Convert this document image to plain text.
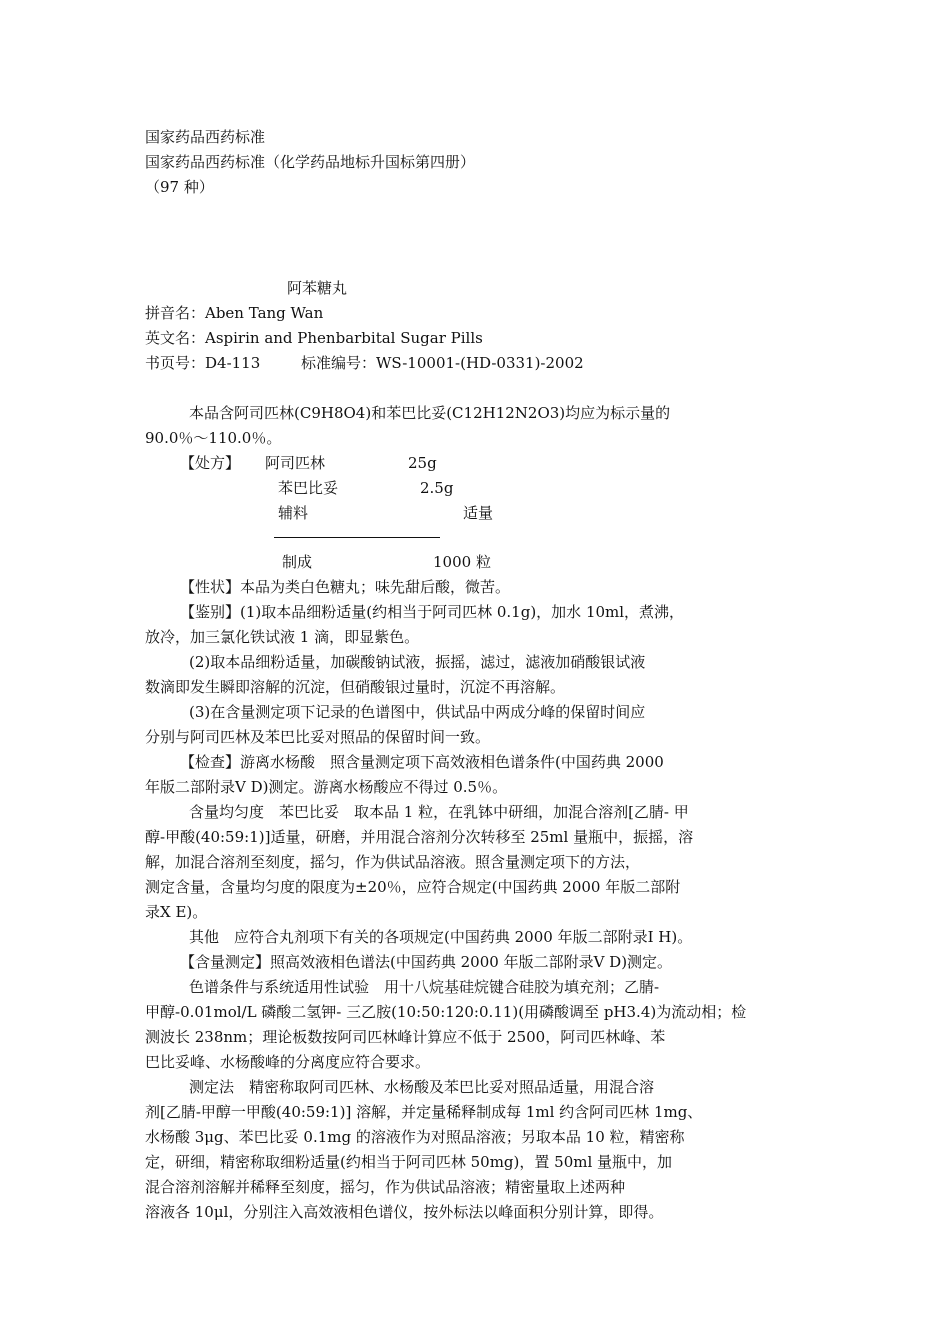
国家药品西药标准
国家药品西药标准（化学药品地标升国标第四册）
（97 种）
阿苯糖丸
拼音名：Aben Tang Wan
英文名：Aspirin and Phenbarbital Sugar Pills
书页号：D4-113	标准编号：WS-10001-(HD-0331)-2002
本品含阿司匹林(C9H8O4)和苯巴比妥(C12H12N2O3)均应为标示量的
90.0％～110.0％。
【处方】 阿司匹林	25g
苯巴比妥	2.5g
辅料	适量
制成	1000 粒
【性状】本品为类白色糖丸；味先甜后酸，微苦。
【鉴别】(1)取本品细粉适量(约相当于阿司匹林 0.1g)，加水 10ml，煮沸，
放冷，加三氯化铁试液 1 滴，即显紫色。
(2)取本品细粉适量，加碳酸钠试液，振摇，滤过，滤液加硝酸银试液
数滴即发生瞬即溶解的沉淀，但硝酸银过量时，沉淀不再溶解。
(3)在含量测定项下记录的色谱图中，供试品中两成分峰的保留时间应
分别与阿司匹林及苯巴比妥对照品的保留时间一致。
【检查】游离水杨酸　照含量测定项下高效液相色谱条件(中国药典 2000
年版二部附录Ⅴ D)测定。游离水杨酸应不得过 0.5％。
含量均匀度　苯巴比妥　取本品 1 粒，在乳钵中研细，加混合溶剂[乙腈- 甲
醇-甲酸(40:59:1)]适量，研磨，并用混合溶剂分次转移至 25ml 量瓶中，振摇，溶
解，加混合溶剂至刻度，摇匀，作为供试品溶液。照含量测定项下的方法，
测定含量，含量均匀度的限度为±20％，应符合规定(中国药典 2000 年版二部附
录Ⅹ E)。
其他　应符合丸剂项下有关的各项规定(中国药典 2000 年版二部附录Ⅰ H)。
【含量测定】照高效液相色谱法(中国药典 2000 年版二部附录Ⅴ D)测定。
色谱条件与系统适用性试验　用十八烷基硅烷键合硅胶为填充剂；乙腈-
甲醇-0.01mol/L 磷酸二氢钾- 三乙胺(10:50:120:0.11)(用磷酸调至 pH3.4)为流动相；检
测波长 238nm；理论板数按阿司匹林峰计算应不低于 2500，阿司匹林峰、苯
巴比妥峰、水杨酸峰的分离度应符合要求。
测定法　精密称取阿司匹林、水杨酸及苯巴比妥对照品适量，用混合溶
剂[乙腈-甲醇一甲酸(40:59:1)] 溶解，并定量稀释制成每 1ml 约含阿司匹林 1mg、
水杨酸 3μg、苯巴比妥 0.1mg 的溶液作为对照品溶液；另取本品 10 粒，精密称
定，研细，精密称取细粉适量(约相当于阿司匹林 50mg)，置 50ml 量瓶中，加
混合溶剂溶解并稀释至刻度，摇匀，作为供试品溶液；精密量取上述两种
溶液各 10μl，分别注入高效液相色谱仪，按外标法以峰面积分别计算，即得。
